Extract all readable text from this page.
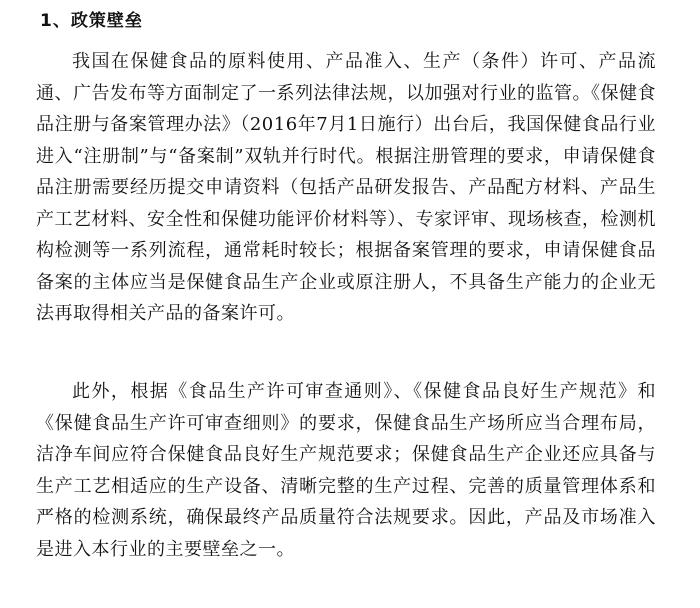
1、政策壁垒

我国在保健食品的原料使用、产品准入、生产（条件）许可、产品流通、广告发布等方面制定了一系列法律法规，以加强对行业的监管。《保健食品注册与备案管理办法》（2016年7月1日施行）出台后，我国保健食品行业进入“注册制”与“备案制”双轨并行时代。根据注册管理的要求，申请保健食品注册需要经历提交申请资料（包括产品研发报告、产品配方材料、产品生产工艺材料、安全性和保健功能评价材料等）、专家评审、现场核查，检测机构检测等一系列流程，通常耗时较长；根据备案管理的要求，申请保健食品备案的主体应当是保健食品生产企业或原注册人，不具备生产能力的企业无法再取得相关产品的备案许可。

此外，根据《食品生产许可审查通则》、《保健食品良好生产规范》和《保健食品生产许可审查细则》的要求，保健食品生产场所应当合理布局，洁净车间应符合保健食品良好生产规范要求；保健食品生产企业还应具备与生产工艺相适应的生产设备、清晰完整的生产过程、完善的质量管理体系和严格的检测系统，确保最终产品质量符合法规要求。因此，产品及市场准入是进入本行业的主要壁垒之一。
